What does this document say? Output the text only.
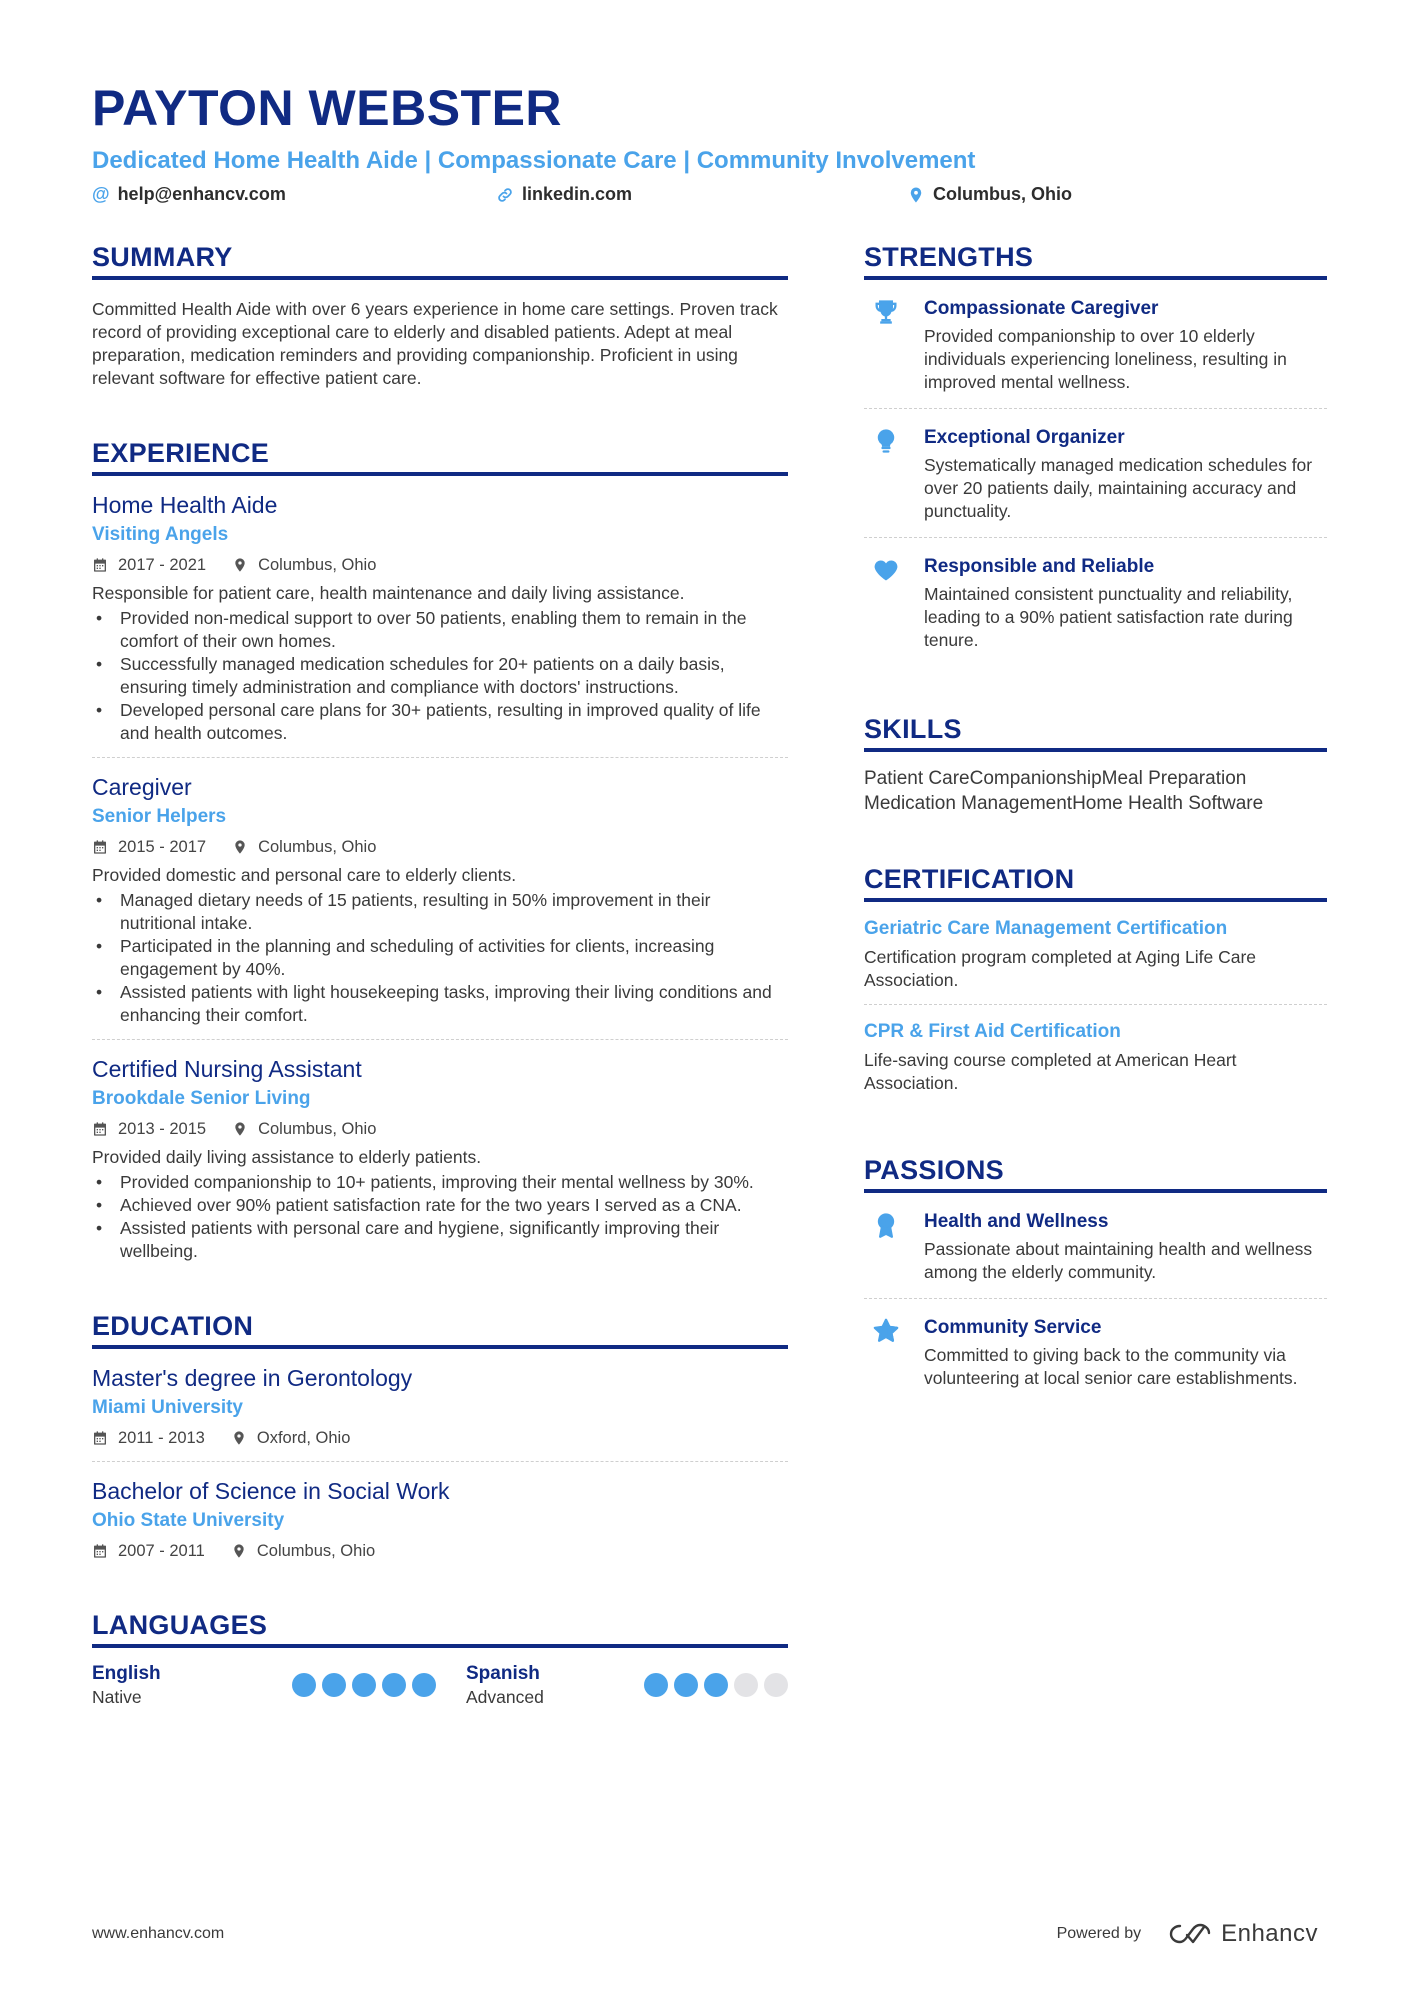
PAYTON WEBSTER
Dedicated Home Health Aide | Compassionate Care | Community Involvement
@ help@enhancv.com	linkedin.com	Columbus, Ohio
SUMMARY
Committed Health Aide with over 6 years experience in home care settings. Proven track record of providing exceptional care to elderly and disabled patients. Adept at meal preparation, medication reminders and providing companionship. Proficient in using relevant software for effective patient care.
EXPERIENCE
Home Health Aide
Visiting Angels
2017 - 2021	Columbus, Ohio
Responsible for patient care, health maintenance and daily living assistance.
• Provided non-medical support to over 50 patients, enabling them to remain in the comfort of their own homes.
• Successfully managed medication schedules for 20+ patients on a daily basis, ensuring timely administration and compliance with doctors' instructions.
• Developed personal care plans for 30+ patients, resulting in improved quality of life and health outcomes.
Caregiver
Senior Helpers
2015 - 2017	Columbus, Ohio
Provided domestic and personal care to elderly clients.
• Managed dietary needs of 15 patients, resulting in 50% improvement in their nutritional intake.
• Participated in the planning and scheduling of activities for clients, increasing engagement by 40%.
• Assisted patients with light housekeeping tasks, improving their living conditions and enhancing their comfort.
Certified Nursing Assistant
Brookdale Senior Living
2013 - 2015	Columbus, Ohio
Provided daily living assistance to elderly patients.
• Provided companionship to 10+ patients, improving their mental wellness by 30%.
• Achieved over 90% patient satisfaction rate for the two years I served as a CNA.
• Assisted patients with personal care and hygiene, significantly improving their wellbeing.
EDUCATION
Master's degree in Gerontology
Miami University
2011 - 2013	Oxford, Ohio
Bachelor of Science in Social Work
Ohio State University
2007 - 2011	Columbus, Ohio
LANGUAGES
English
Native
Spanish
Advanced
STRENGTHS
Compassionate Caregiver
Provided companionship to over 10 elderly individuals experiencing loneliness, resulting in improved mental wellness.
Exceptional Organizer
Systematically managed medication schedules for over 20 patients daily, maintaining accuracy and punctuality.
Responsible and Reliable
Maintained consistent punctuality and reliability, leading to a 90% patient satisfaction rate during tenure.
SKILLS
Patient CareCompanionshipMeal Preparation
Medication ManagementHome Health Software
CERTIFICATION
Geriatric Care Management Certification
Certification program completed at Aging Life Care Association.
CPR & First Aid Certification
Life-saving course completed at American Heart Association.
PASSIONS
Health and Wellness
Passionate about maintaining health and wellness among the elderly community.
Community Service
Committed to giving back to the community via volunteering at local senior care establishments.
www.enhancv.com	Powered by	Enhancv
